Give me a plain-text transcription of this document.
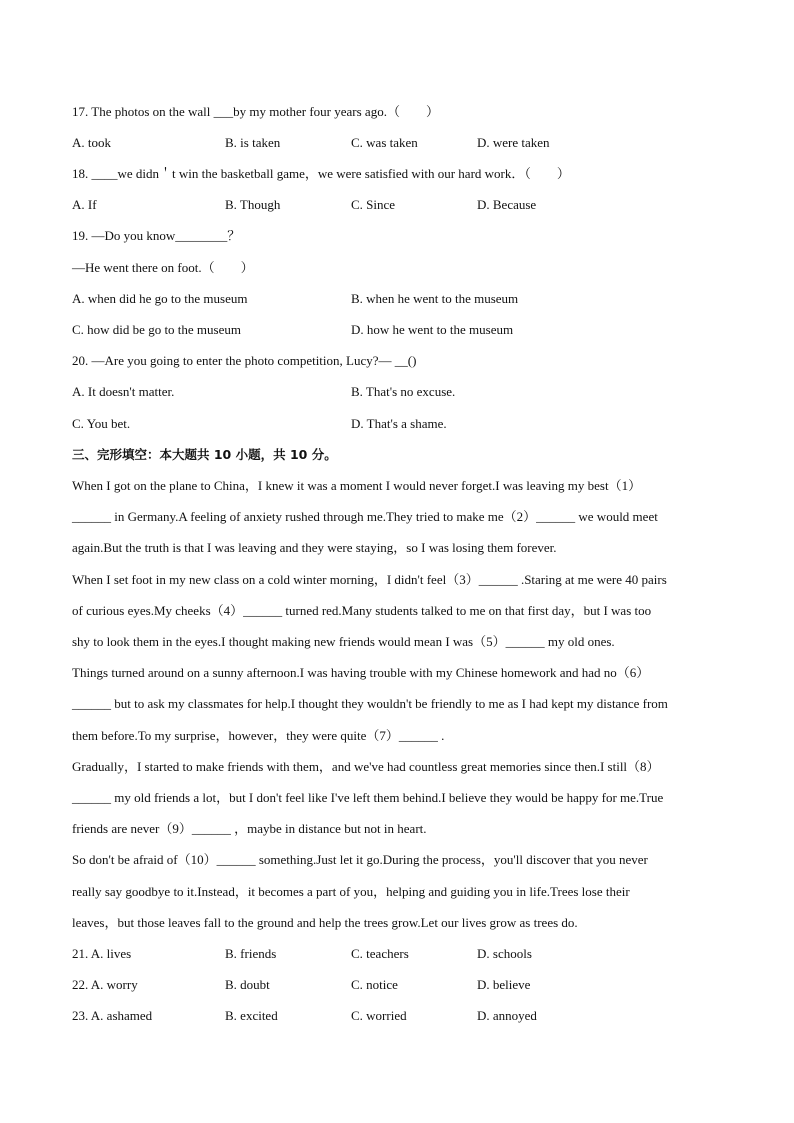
17. The photos on the wall ___by my mother four years ago.（　　）
A. took	B. is taken	C. was taken	D. were taken
18. ____we didn＇t win the basketball game，we were satisfied with our hard work．（　　）
A. If	B. Though	C. Since	D. Because
19. —Do you know________？
—He went there on foot.（　　）
A. when did he go to the museum	B. when he went to the museum
C. how did be go to the museum	D. how he went to the museum
20. —Are you going to enter the photo competition, Lucy?— __()
A. It doesn't matter.	B. That's no excuse.
C. You bet.	D. That's a shame.
三、完形填空：本大题共 10 小题，共 10 分。
When I got on the plane to China，I knew it was a moment I would never forget.I was leaving my best（1）
______ in Germany.A feeling of anxiety rushed through me.They tried to make me（2）______ we would meet
again.But the truth is that I was leaving and they were staying，so I was losing them forever.
When I set foot in my new class on a cold winter morning，I didn't feel（3）______ .Staring at me were 40 pairs
of curious eyes.My cheeks（4）______ turned red.Many students talked to me on that first day，but I was too
shy to look them in the eyes.I thought making new friends would mean I was（5）______ my old ones.
Things turned around on a sunny afternoon.I was having trouble with my Chinese homework and had no（6）
______ but to ask my classmates for help.I thought they wouldn't be friendly to me as I had kept my distance from
them before.To my surprise，however，they were quite（7）______ .
Gradually，I started to make friends with them，and we've had countless great memories since then.I still（8）
______ my old friends a lot，but I don't feel like I've left them behind.I believe they would be happy for me.True
friends are never（9）______ ，maybe in distance but not in heart.
So don't be afraid of（10）______ something.Just let it go.During the process，you'll discover that you never
really say goodbye to it.Instead，it becomes a part of you，helping and guiding you in life.Trees lose their
leaves，but those leaves fall to the ground and help the trees grow.Let our lives grow as trees do.
21. A. lives	B. friends	C. teachers	D. schools
22. A. worry	B. doubt	C. notice	D. believe
23. A. ashamed	B. excited	C. worried	D. annoyed
